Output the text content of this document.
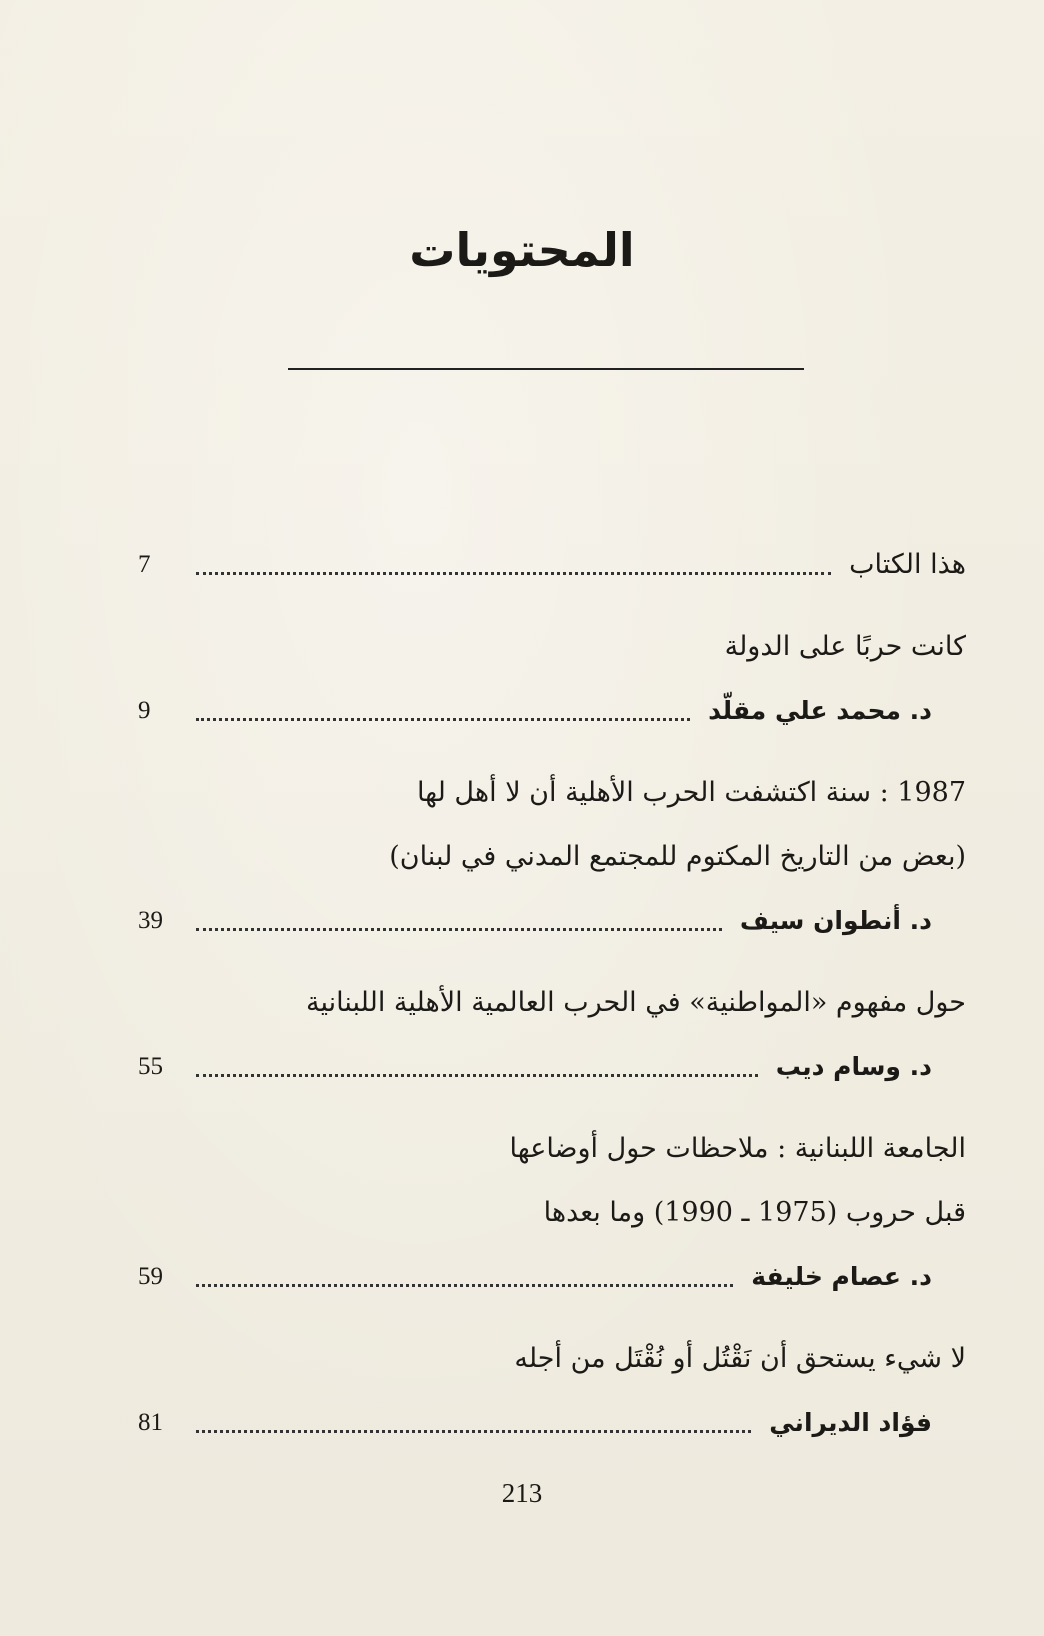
المحتويات
هذا الكتاب
7
كانت حربًا على الدولة
د. محمد علي مقلّد
9
1987 : سنة اكتشفت الحرب الأهلية أن لا أهل لها
(بعض من التاريخ المكتوم للمجتمع المدني في لبنان)
د. أنطوان سيف
39
حول مفهوم «المواطنية» في الحرب العالمية الأهلية اللبنانية
د. وسام ديب
55
الجامعة اللبنانية : ملاحظات حول أوضاعها
قبل حروب (1975 ـ 1990) وما بعدها
د. عصام خليفة
59
لا شيء يستحق أن نَقْتُل أو نُقْتَل من أجله
فؤاد الديراني
81
213
